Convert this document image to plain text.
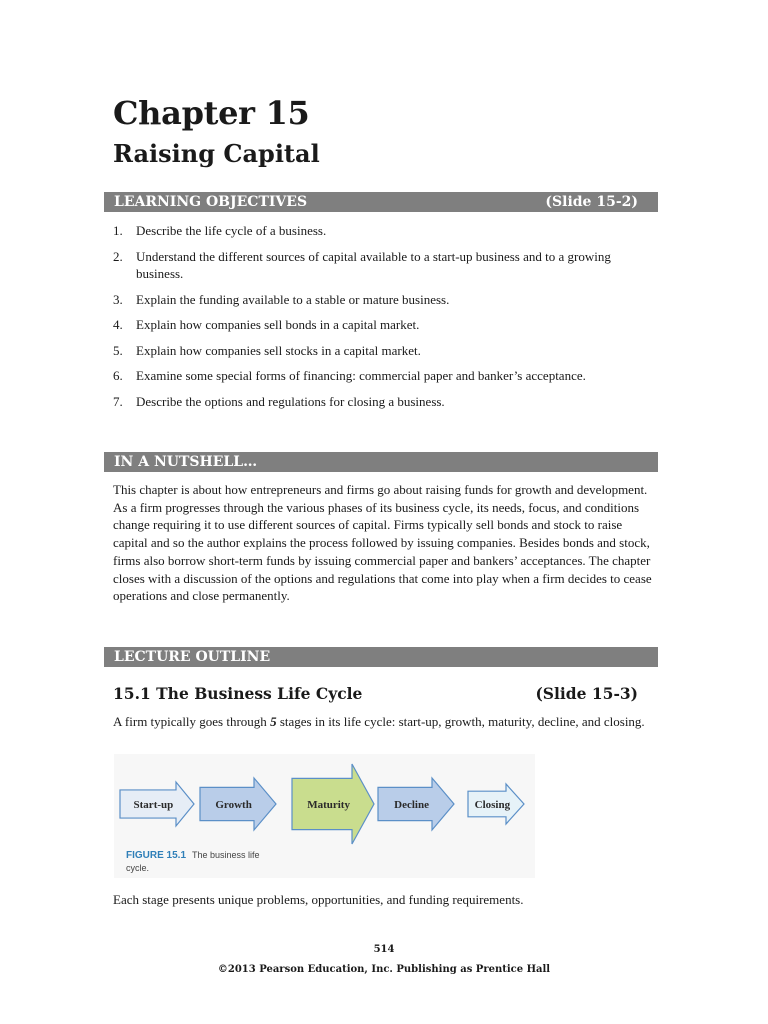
Chapter 15
Raising Capital
LEARNING OBJECTIVES	(Slide 15-2)
1. Describe the life cycle of a business.
2. Understand the different sources of capital available to a start-up business and to a growing business.
3. Explain the funding available to a stable or mature business.
4. Explain how companies sell bonds in a capital market.
5. Explain how companies sell stocks in a capital market.
6. Examine some special forms of financing: commercial paper and banker’s acceptance.
7. Describe the options and regulations for closing a business.
IN A NUTSHELL…

This chapter is about how entrepreneurs and firms go about raising funds for growth and development. As a firm progresses through the various phases of its business cycle, its needs, focus, and conditions change requiring it to use different sources of capital. Firms typically sell bonds and stock to raise capital and so the author explains the process followed by issuing companies. Besides bonds and stock, firms also borrow short-term funds by issuing commercial paper and bankers’ acceptances. The chapter closes with a discussion of the options and regulations that come into play when a firm decides to cease operations and close permanently.

LECTURE OUTLINE
15.1 The Business Life Cycle	(Slide 15-3)

A firm typically goes through 5 stages in its life cycle: start-up, growth, maturity, decline, and closing.

Start-up	Growth	Maturity	Decline	Closing
FIGURE 15.1 The business life cycle.

Each stage presents unique problems, opportunities, and funding requirements.

514
©2013 Pearson Education, Inc. Publishing as Prentice Hall
